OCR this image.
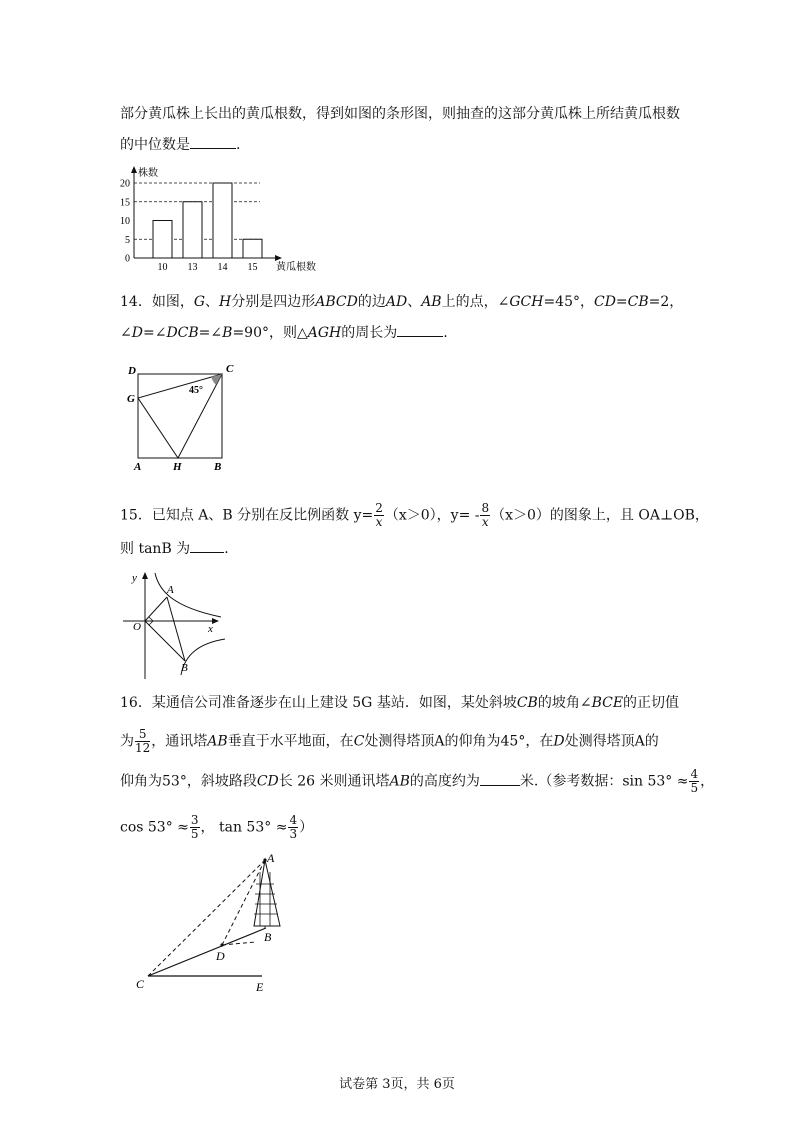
部分黄瓜株上长出的黄瓜根数，得到如图的条形图，则抽查的这部分黄瓜株上所结黄瓜根数
的中位数是	.
0
5
10
15
20
10 13 14 15
株数
黄瓜根数
14．如图，G、H分别是四边形ABCD的边AD、AB上的点，∠GCH=45°，CD=CB=2，
∠D=∠DCB=∠B=90°，则△AGH的周长为	.
45°
D	C
G
A	H	B
15．已知点 A、B 分别在反比例函数 $y= \frac{2}{x} (x>0)$，$y= - \frac{8}{x} (x>0)$的图象上，且 OA⊥OB，
则 tanB 为 .
y
x
O
A
B
16．某通信公司准备逐步在山上建设 5G 基站．如图，某处斜坡CB的坡角∠BCE的正切值
为 $\frac{5}{12}$ ，通讯塔AB垂直于水平地面，在C处测得塔顶A的仰角为45°，在D处测得塔顶A的
仰角为53°，斜坡路段CD长 26 米则通讯塔AB的高度约为	米.（参考数据：$\sin 53^\circ \approx \frac{4}{5}$ ，
$\cos 53^\circ \approx \frac{3}{5}$ ， $\tan 53^\circ \approx \frac{4}{3}$ ）
A
B
C
D
E
试卷第 3页，共 6页
